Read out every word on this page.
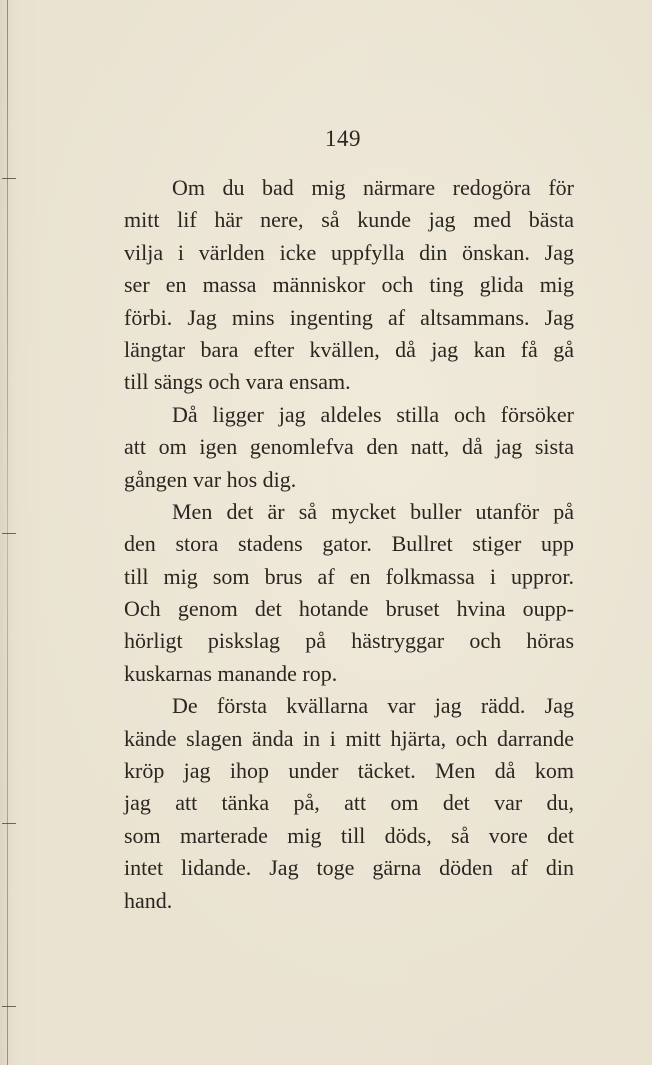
149
Om du bad mig närmare redogöra för
mitt lif här nere, så kunde jag med bästa
vilja i världen icke uppfylla din önskan. Jag
ser en massa människor och ting glida mig
förbi. Jag mins ingenting af altsammans. Jag
längtar bara efter kvällen, då jag kan få gå
till sängs och vara ensam.
Då ligger jag aldeles stilla och försöker
att om igen genomlefva den natt, då jag sista
gången var hos dig.
Men det är så mycket buller utanför på
den stora stadens gator. Bullret stiger upp
till mig som brus af en folkmassa i uppror.
Och genom det hotande bruset hvina oupp-
hörligt piskslag på hästryggar och höras
kuskarnas manande rop.
De första kvällarna var jag rädd. Jag
kände slagen ända in i mitt hjärta, och darrande
kröp jag ihop under täcket. Men då kom
jag att tänka på, att om det var du,
som marterade mig till döds, så vore det
intet lidande. Jag toge gärna döden af din
hand.
